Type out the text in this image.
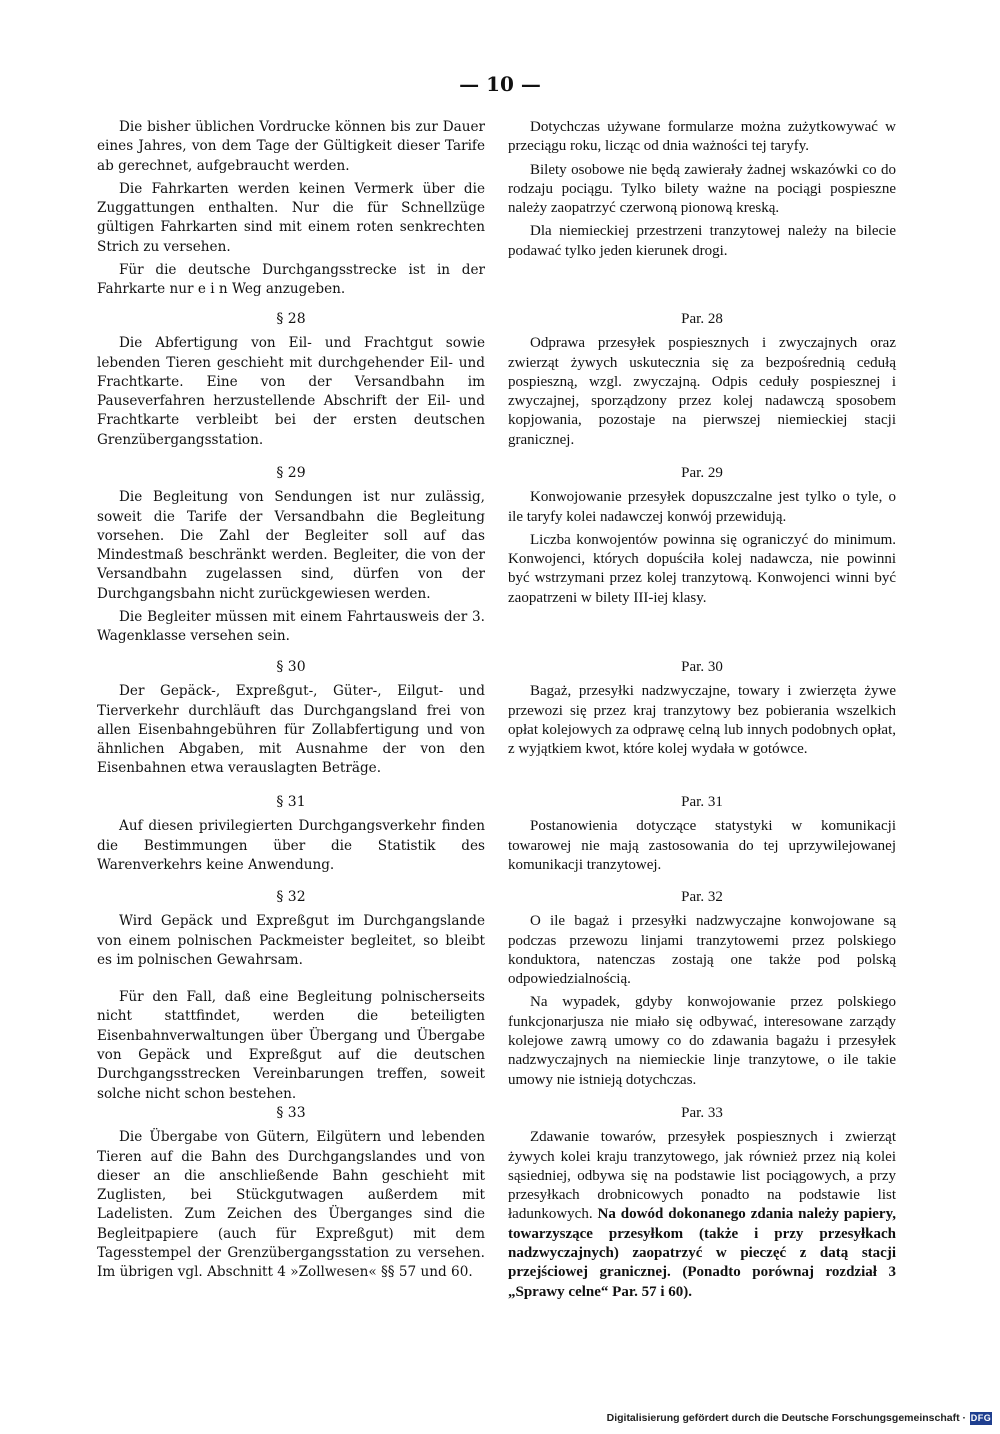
— 10 —

Die bisher üblichen Vordrucke können bis zur Dauer eines Jahres, von dem Tage der Gültigkeit dieser Tarife ab gerechnet, aufgebraucht werden.

Die Fahrkarten werden keinen Vermerk über die Zuggattungen enthalten. Nur die für Schnellzüge gültigen Fahrkarten sind mit einem roten senkrechten Strich zu versehen.

Für die deutsche Durchgangsstrecke ist in der Fahrkarte nur e i n Weg anzugeben.

§ 28

Die Abfertigung von Eil- und Frachtgut sowie lebenden Tieren geschieht mit durchgehender Eil- und Frachtkarte. Eine von der Versandbahn im Pauseverfahren herzustellende Abschrift der Eil- und Frachtkarte verbleibt bei der ersten deutschen Grenzübergangsstation.

§ 29

Die Begleitung von Sendungen ist nur zulässig, soweit die Tarife der Versandbahn die Begleitung vorsehen. Die Zahl der Begleiter soll auf das Mindestmaß beschränkt werden. Begleiter, die von der Versandbahn zugelassen sind, dürfen von der Durchgangsbahn nicht zurückgewiesen werden.

Die Begleiter müssen mit einem Fahrtausweis der 3. Wagenklasse versehen sein.

§ 30

Der Gepäck-, Expreßgut-, Güter-, Eilgut- und Tierverkehr durchläuft das Durchgangsland frei von allen Eisenbahngebühren für Zollabfertigung und von ähnlichen Abgaben, mit Ausnahme der von den Eisenbahnen etwa verauslagten Beträge.

§ 31

Auf diesen privilegierten Durchgangsverkehr finden die Bestimmungen über die Statistik des Warenverkehrs keine Anwendung.

§ 32

Wird Gepäck und Expreßgut im Durchgangslande von einem polnischen Packmeister begleitet, so bleibt es im polnischen Gewahrsam.

Für den Fall, daß eine Begleitung polnischerseits nicht stattfindet, werden die beteiligten Eisenbahnverwaltungen über Übergang und Übergabe von Gepäck und Expreßgut auf die deutschen Durchgangsstrecken Vereinbarungen treffen, soweit solche nicht schon bestehen.

§ 33

Die Übergabe von Gütern, Eilgütern und lebenden Tieren auf die Bahn des Durchgangslandes und von dieser an die anschließende Bahn geschieht mit Zuglisten, bei Stückgutwagen außerdem mit Ladelisten. Zum Zeichen des Überganges sind die Begleitpapiere (auch für Expreßgut) mit dem Tagesstempel der Grenzübergangsstation zu versehen. Im übrigen vgl. Abschnitt 4 »Zollwesen« §§ 57 und 60.

Dotychczas używane formularze można zużytkowywać w przeciągu roku, licząc od dnia ważności tej taryfy.

Bilety osobowe nie będą zawierały żadnej wskazówki co do rodzaju pociągu. Tylko bilety ważne na pociągi pospieszne należy zaopatrzyć czerwoną pionową kreską.

Dla niemieckiej przestrzeni tranzytowej należy na bilecie podawać tylko jeden kierunek drogi.

Par. 28

Odprawa przesyłek pospiesznych i zwyczajnych oraz zwierząt żywych uskutecznia się za bezpośrednią cedułą pospieszną, wzgl. zwyczajną. Odpis ceduły pospiesznej i zwyczajnej, sporządzony przez kolej nadawczą sposobem kopjowania, pozostaje na pierwszej niemieckiej stacji granicznej.

Par. 29

Konwojowanie przesyłek dopuszczalne jest tylko o tyle, o ile taryfy kolei nadawczej konwój przewidują.

Liczba konwojentów powinna się ograniczyć do minimum. Konwojenci, których dopuściła kolej nadawcza, nie powinni być wstrzymani przez kolej tranzytową. Konwojenci winni być zaopatrzeni w bilety III-iej klasy.

Par. 30

Bagaż, przesyłki nadzwyczajne, towary i zwierzęta żywe przewozi się przez kraj tranzytowy bez pobierania wszelkich opłat kolejowych za odprawę celną lub innych podobnych opłat, z wyjątkiem kwot, które kolej wydała w gotówce.

Par. 31

Postanowienia dotyczące statystyki w komunikacji towarowej nie mają zastosowania do tej uprzywilejowanej komunikacji tranzytowej.

Par. 32

O ile bagaż i przesyłki nadzwyczajne konwojowane są podczas przewozu linjami tranzytowemi przez polskiego konduktora, natenczas zostają one także pod polską odpowiedzialnością.

Na wypadek, gdyby konwojowanie przez polskiego funkcjonarjusza nie miało się odbywać, interesowane zarządy kolejowe zawrą umowy co do zdawania bagażu i przesyłek nadzwyczajnych na niemieckie linje tranzytowe, o ile takie umowy nie istnieją dotychczas.

Par. 33

Zdawanie towarów, przesyłek pospiesznych i zwierząt żywych kolei kraju tranzytowego, jak również przez nią kolei sąsiedniej, odbywa się na podstawie list pociągowych, a przy przesyłkach drobnicowych ponadto na podstawie list ładunkowych. Na dowód dokonanego zdania należy papiery, towarzyszące przesyłkom (także i przy przesyłkach nadzwyczajnych) zaopatrzyć w pieczęć z datą stacji przejściowej granicznej. (Ponadto porównaj rozdział 3 „Sprawy celne“ Par. 57 i 60).

Digitalisierung gefördert durch die Deutsche Forschungsgemeinschaft · DFG
